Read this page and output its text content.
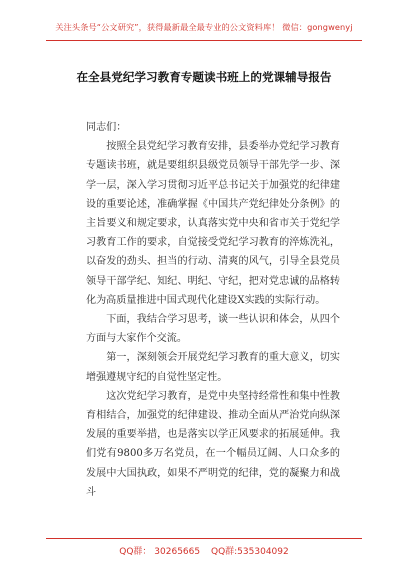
关注头条号“公文研究”，获得最新最全最专业的公文资料库！ 微信：gongwenyj
在全县党纪学习教育专题读书班上的党课辅导报告

同志们：

按照全县党纪学习教育安排，县委举办党纪学习教育专题读书班，就是要组织县级党员领导干部先学一步、深学一层，深入学习贯彻习近平总书记关于加强党的纪律建设的重要论述，准确掌握《中国共产党纪律处分条例》的主旨要义和规定要求，认真落实党中央和省市关于党纪学习教育工作的要求，自觉接受党纪学习教育的淬炼洗礼，以奋发的劲头、担当的行动、清爽的风气，引导全县党员领导干部学纪、知纪、明纪、守纪，把对党忠诚的品格转化为高质量推进中国式现代化建设X实践的实际行动。

下面，我结合学习思考，谈一些认识和体会，从四个方面与大家作个交流。

第一，深刻领会开展党纪学习教育的重大意义，切实增强遵规守纪的自觉性坚定性。

这次党纪学习教育，是党中央坚持经常性和集中性教育相结合，加强党的纪律建设、推动全面从严治党向纵深发展的重要举措，也是落实以学正风要求的拓展延伸。我们党有9800多万名党员，在一个幅员辽阔、人口众多的发展中大国执政，如果不严明党的纪律，党的凝聚力和战斗

QQ群： 30265665 QQ群:535304092
